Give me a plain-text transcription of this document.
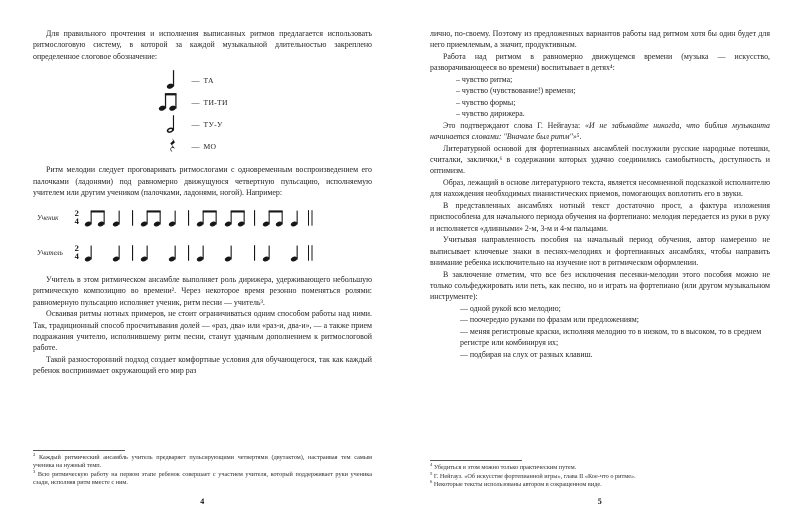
Для правильного прочтения и исполнения выписанных ритмов предлагается использовать ритмослоговую систему, в которой за каждой музыкальной длительностью закреплено определенное слоговое обозначение:

— ТА
— ТИ-ТИ
— ТУ-У
— МО

Ритм мелодии следует проговаривать ритмослогами с одновременным воспроизведением его палочками (ладонями) под равномерно движущуюся четвертную пульсацию, исполняемую учителем или другим учеником (палочками, ладонями, ногой). Например:

Ученик	2
4
Учитель	2
4

Учитель в этом ритмическом ансамбле выполняет роль дирижера, удерживающего небольшую ритмическую композицию во времени². Через некоторое время резонно поменяться ролями: равномерную пульсацию исполняет ученик, ритм песни — учитель³.

Осваивая ритмы нотных примеров, не стоит ограничиваться одним способом работы над ними. Так, традиционный способ просчитывания долей — «раз, два» или «раз-и, два-и», — а также прием подражания учителю, исполнившему ритм песни, станут удачным дополнением к ритмослоговой работе.

Такой разносторонний подход создает комфортные условия для обучающегося, так как каждый ребенок воспринимает окружающий его мир раз

$^2$ Каждый ритмический ансамбль учитель предваряет пульсирующими четвертями (двутактом), настраивая тем самым ученика на нужный темп.

$^3$ Всю ритмическую работу на первом этапе ребенок совершает с участием учителя, который поддерживает руки ученика сзади, исполняя ритм вместе с ним.

4

лично, по-своему. Поэтому из предложенных вариантов работы над ритмом хотя бы один будет для него приемлемым, а значит, продуктивным.

Работа над ритмом в равномерно движущемся времени (музыка — искусство, разворачивающееся во времени) воспитывает в детях⁴:

– чувство ритма;
– чувство (чувствование!) времени;
– чувство формы;
– чувство дирижера.

Это подтверждают слова Г. Нейгауза: «И не забывайте никогда, что библия музыканта начинается словами: "Вначале был ритм"»⁵.

Литературной основой для фортепианных ансамблей послужили русские народные потешки, считалки, заклички,⁶ в содержании которых удачно соединились самобытность, доступность и оптимизм.

Образ, лежащий в основе литературного текста, является несомненной подсказкой исполнителю для нахождения необходимых пианистических приемов, помогающих воплотить его в звуки.

В представленных ансамблях нотный текст достаточно прост, а фактура изложения приспособлена для начального периода обучения на фортепиано: мелодия передается из руки в руку и исполняется «длинными» 2-м, 3-м и 4-м пальцами.

Учитывая направленность пособия на начальный период обучения, автор намеренно не выписывает ключевые знаки в песнях-мелодиях и фортепианных ансамблях, чтобы направить внимание ребенка исключительно на изучение нот в ритмическом оформлении.

В заключение отметим, что все без исключения песенки-мелодии этого пособия можно не только сольфеджировать или петь, как песню, но и играть на фортепиано (или другом музыкальном инструменте):

— одной рукой всю мелодию;
— поочередно руками по фразам или предложениям;
— меняя регистровые краски, исполняя мелодию то в низком, то в высоком, то в среднем регистре или комбинируя их;
— подбирая на слух от разных клавиш.

$^4$ Убедиться в этом можно только практическим путем.

$^5$ Г. Нейгауз. «Об искусстве фортепианной игры», глава II «Кое-что о ритме».

$^6$ Некоторые тексты использованы автором в сокращенном виде.

5
